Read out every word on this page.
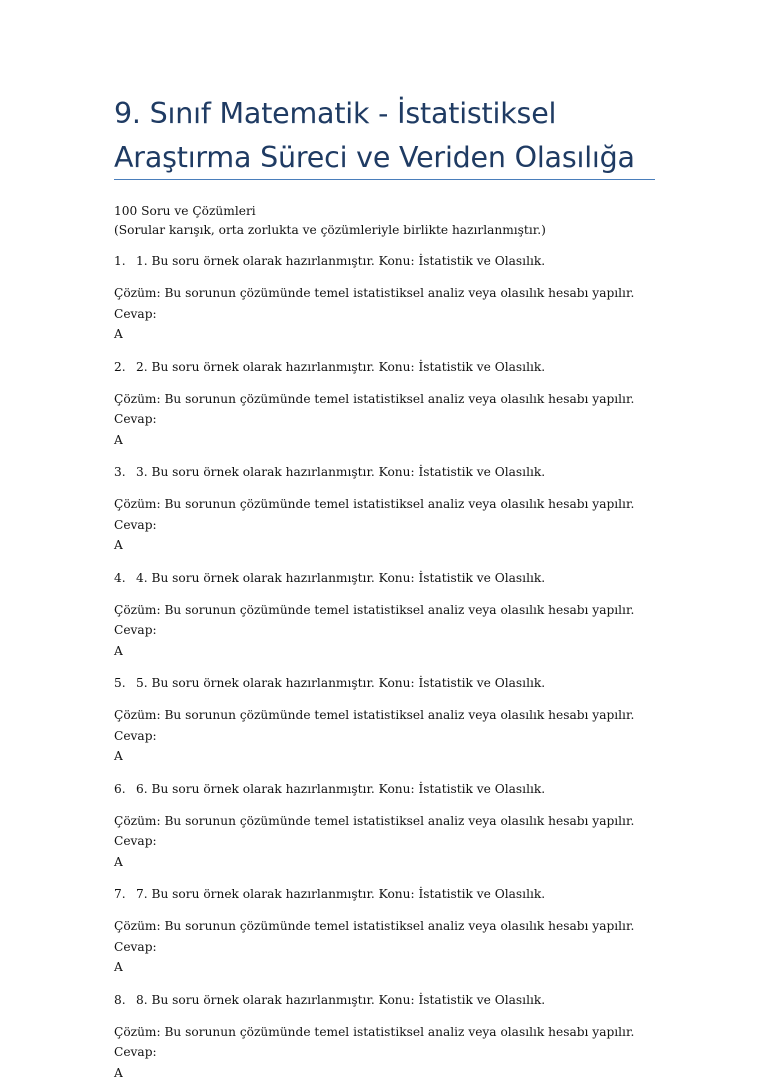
9. Sınıf Matematik - İstatistiksel
Araştırma Süreci ve Veriden Olasılığa

100 Soru ve Çözümleri

(Sorular karışık, orta zorlukta ve çözümleriyle birlikte hazırlanmıştır.)

1. 1. Bu soru örnek olarak hazırlanmıştır. Konu: İstatistik ve Olasılık.
Çözüm: Bu sorunun çözümünde temel istatistiksel analiz veya olasılık hesabı yapılır. Cevap:
A
2. 2. Bu soru örnek olarak hazırlanmıştır. Konu: İstatistik ve Olasılık.
Çözüm: Bu sorunun çözümünde temel istatistiksel analiz veya olasılık hesabı yapılır. Cevap:
A
3. 3. Bu soru örnek olarak hazırlanmıştır. Konu: İstatistik ve Olasılık.
Çözüm: Bu sorunun çözümünde temel istatistiksel analiz veya olasılık hesabı yapılır. Cevap:
A
4. 4. Bu soru örnek olarak hazırlanmıştır. Konu: İstatistik ve Olasılık.
Çözüm: Bu sorunun çözümünde temel istatistiksel analiz veya olasılık hesabı yapılır. Cevap:
A
5. 5. Bu soru örnek olarak hazırlanmıştır. Konu: İstatistik ve Olasılık.
Çözüm: Bu sorunun çözümünde temel istatistiksel analiz veya olasılık hesabı yapılır. Cevap:
A
6. 6. Bu soru örnek olarak hazırlanmıştır. Konu: İstatistik ve Olasılık.
Çözüm: Bu sorunun çözümünde temel istatistiksel analiz veya olasılık hesabı yapılır. Cevap:
A
7. 7. Bu soru örnek olarak hazırlanmıştır. Konu: İstatistik ve Olasılık.
Çözüm: Bu sorunun çözümünde temel istatistiksel analiz veya olasılık hesabı yapılır. Cevap:
A
8. 8. Bu soru örnek olarak hazırlanmıştır. Konu: İstatistik ve Olasılık.
Çözüm: Bu sorunun çözümünde temel istatistiksel analiz veya olasılık hesabı yapılır. Cevap:
A
